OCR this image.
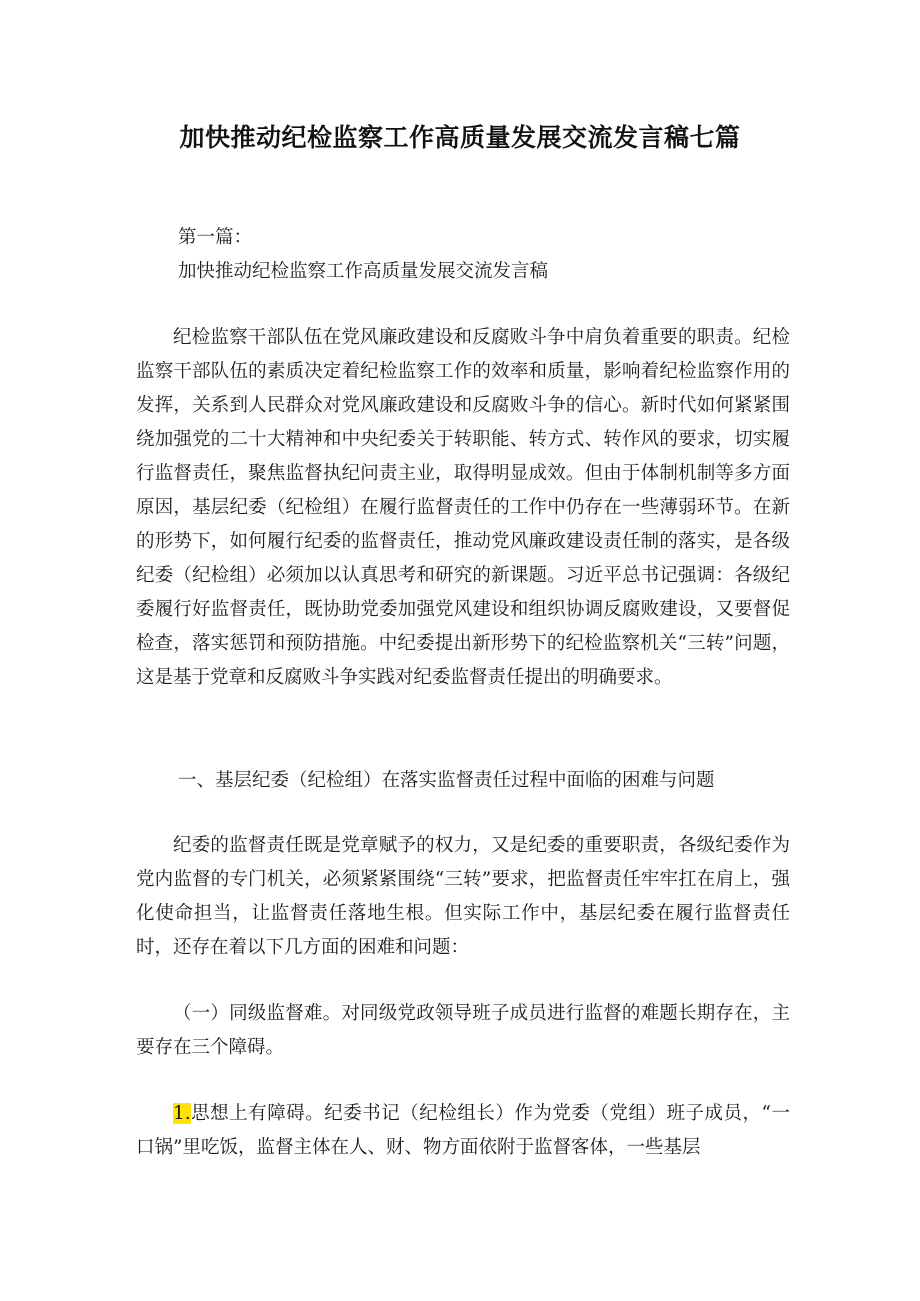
加快推动纪检监察工作高质量发展交流发言稿七篇

第一篇：

加快推动纪检监察工作高质量发展交流发言稿

纪检监察干部队伍在党风廉政建设和反腐败斗争中肩负着重要的职责。纪检监察干部队伍的素质决定着纪检监察工作的效率和质量，影响着纪检监察作用的发挥，关系到人民群众对党风廉政建设和反腐败斗争的信心。新时代如何紧紧围绕加强党的二十大精神和中央纪委关于转职能、转方式、转作风的要求，切实履行监督责任，聚焦监督执纪问责主业，取得明显成效。但由于体制机制等多方面原因，基层纪委（纪检组）在履行监督责任的工作中仍存在一些薄弱环节。在新的形势下，如何履行纪委的监督责任，推动党风廉政建设责任制的落实，是各级纪委（纪检组）必须加以认真思考和研究的新课题。习近平总书记强调：各级纪委履行好监督责任，既协助党委加强党风建设和组织协调反腐败建设，又要督促检查，落实惩罚和预防措施。中纪委提出新形势下的纪检监察机关“三转”问题，这是基于党章和反腐败斗争实践对纪委监督责任提出的明确要求。

一、基层纪委（纪检组）在落实监督责任过程中面临的困难与问题

纪委的监督责任既是党章赋予的权力，又是纪委的重要职责，各级纪委作为党内监督的专门机关，必须紧紧围绕“三转”要求，把监督责任牢牢扛在肩上，强化使命担当，让监督责任落地生根。但实际工作中，基层纪委在履行监督责任时，还存在着以下几方面的困难和问题：

（一）同级监督难。对同级党政领导班子成员进行监督的难题长期存在，主要存在三个障碍。

1.思想上有障碍。纪委书记（纪检组长）作为党委（党组）班子成员，“一口锅”里吃饭，监督主体在人、财、物方面依附于监督客体，一些基层
